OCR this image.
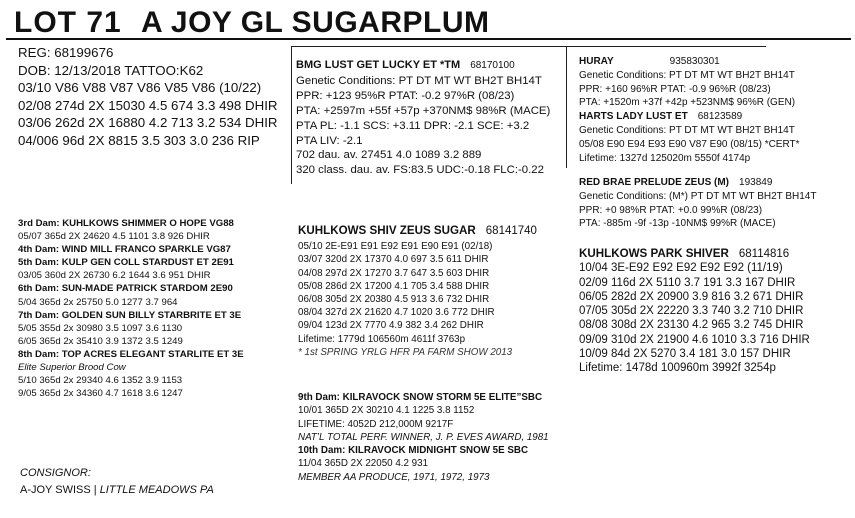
LOT 71 A JOY GL SUGARPLUM
REG: 68199676
DOB: 12/13/2018 TATTOO:K62
03/10 V86 V88 V87 V86 V85 V86 (10/22)
02/08 274d 2X 15030 4.5 674 3.3 498 DHIR
03/06 262d 2X 16880 4.2 713 3.2 534 DHIR
04/006 96d 2X 8815 3.5 303 3.0 236 RIP
3rd Dam: KUHLKOWS SHIMMER O HOPE VG88
05/07 365d 2X 24620 4.5 1101 3.8 926 DHIR
4th Dam: WIND MILL FRANCO SPARKLE VG87
5th Dam: KULP GEN COLL STARDUST ET 2E91
03/05 360d 2X 26730 6.2 1644 3.6 951 DHIR
6th Dam: SUN-MADE PATRICK STARDOM 2E90
5/04 365d 2x 25750 5.0 1277 3.7 964
7th Dam: GOLDEN SUN BILLY STARBRITE ET 3E
5/05 355d 2x 30980 3.5 1097 3.6 1130
6/05 365d 2x 35410 3.9 1372 3.5 1249
8th Dam: TOP ACRES ELEGANT STARLITE ET 3E
Elite Superior Brood Cow
5/10 365d 2x 29340 4.6 1352 3.9 1153
9/05 365d 2x 34360 4.7 1618 3.6 1247
CONSIGNOR:
A-JOY SWISS | LITTLE MEADOWS PA
BMG LUST GET LUCKY ET *TM 68170100
Genetic Conditions: PT DT MT WT BH2T BH14T
PPR: +123 95%R PTAT: -0.2 97%R (08/23)
PTA: +2597m +55f +57p +370NM$ 98%R (MACE)
PTA PL: -1.1 SCS: +3.11 DPR: -2.1 SCE: +3.2
PTA LIV: -2.1
702 dau. av. 27451 4.0 1089 3.2 889
320 class. dau. av. FS:83.5 UDC:-0.18 FLC:-0.22
KUHLKOWS SHIV ZEUS SUGAR 68141740
05/10 2E-E91 E91 E92 E91 E90 E91 (02/18)
03/07 320d 2X 17370 4.0 697 3.5 611 DHIR
04/08 297d 2X 17270 3.7 647 3.5 603 DHIR
05/08 286d 2X 17200 4.1 705 3.4 588 DHIR
06/08 305d 2X 20380 4.5 913 3.6 732 DHIR
08/04 327d 2X 21620 4.7 1020 3.6 772 DHIR
09/04 123d 2X 7770 4.9 382 3.4 262 DHIR
Lifetime: 1779d 106560m 4611f 3763p
* 1st SPRING YRLG HFR PA FARM SHOW 2013
9th Dam: KILRAVOCK SNOW STORM 5E ELITE”SBC
10/01 365D 2X 30210 4.1 1225 3.8 1152
LIFETIME: 4052D 212,000M 9217F
NAT’L TOTAL PERF. WINNER, J. P. EVES AWARD, 1981
10th Dam: KILRAVOCK MIDNIGHT SNOW 5E SBC
11/04 365D 2X 22050 4.2 931
MEMBER AA PRODUCE, 1971, 1972, 1973
HURAY	935830301
Genetic Conditions: PT DT MT WT BH2T BH14T
PPR: +160 96%R PTAT: -0.9 96%R (08/23)
PTA: +1520m +37f +42p +523NM$ 96%R (GEN)
HARTS LADY LUST ET 68123589
Genetic Conditions: PT DT MT WT BH2T BH14T
05/08 E90 E94 E93 E90 V87 E90 (08/15) *CERT*
Lifetime: 1327d 125020m 5550f 4174p
RED BRAE PRELUDE ZEUS (M) 193849
Genetic Conditions: (M*) PT DT MT WT BH2T BH14T
PPR: +0 98%R PTAT: +0.0 99%R (08/23)
PTA: -885m -9f -13p -10NM$ 99%R (MACE)
KUHLKOWS PARK SHIVER 68114816
10/04 3E-E92 E92 E92 E92 E92 (11/19)
02/09 116d 2X 5110 3.7 191 3.3 167 DHIR
06/05 282d 2X 20900 3.9 816 3.2 671 DHIR
07/05 305d 2X 22220 3.3 740 3.2 710 DHIR
08/08 308d 2X 23130 4.2 965 3.2 745 DHIR
09/09 310d 2X 21900 4.6 1010 3.3 716 DHIR
10/09 84d 2X 5270 3.4 181 3.0 157 DHIR
Lifetime: 1478d 100960m 3992f 3254p
